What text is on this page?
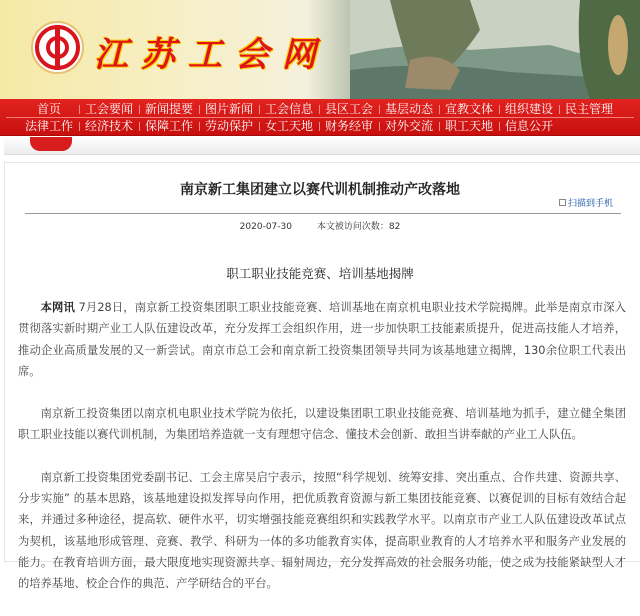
江苏工会网
首页	工会要闻 新闻提要 图片新闻 工会信息 县区工会 基层动态 宣教文体 组织建设 民主管理
法律工作 经济技术 保障工作 劳动保护 女工天地 财务经审 对外交流 职工天地 信息公开
南京新工集团建立以赛代训机制推动产改落地
扫描到手机
2020-07-30	本文被访问次数：82
职工职业技能竞赛、培训基地揭牌

本网讯 7月28日，南京新工投资集团职工职业技能竞赛、培训基地在南京机电职业技术学院揭牌。此举是南京市深入贯彻落实新时期产业工人队伍建设改革，充分发挥工会组织作用，进一步加快职工技能素质提升，促进高技能人才培养，推动企业高质量发展的又一新尝试。南京市总工会和南京新工投资集团领导共同为该基地建立揭牌，130余位职工代表出席。

南京新工投资集团以南京机电职业技术学院为依托，以建设集团职工职业技能竞赛、培训基地为抓手，建立健全集团职工职业技能以赛代训机制，为集团培养造就一支有理想守信念、懂技术会创新、敢担当讲奉献的产业工人队伍。

南京新工投资集团党委副书记、工会主席吴启宁表示，按照“科学规划、统筹安排、突出重点、合作共建、资源共享、分步实施” 的基本思路，该基地建设拟发挥导向作用，把优质教育资源与新工集团技能竞赛、以赛促训的目标有效结合起来，并通过多种途径，提高软、硬件水平，切实增强技能竞赛组织和实践教学水平。以南京市产业工人队伍建设改革试点为契机，该基地形成管理、竞赛、教学、科研为一体的多功能教育实体，提高职业教育的人才培养水平和服务产业发展的能力。在教育培训方面，最大限度地实现资源共享、辐射周边，充分发挥高效的社会服务功能，使之成为技能紧缺型人才的培养基地、校企合作的典范、产学研结合的平台。
